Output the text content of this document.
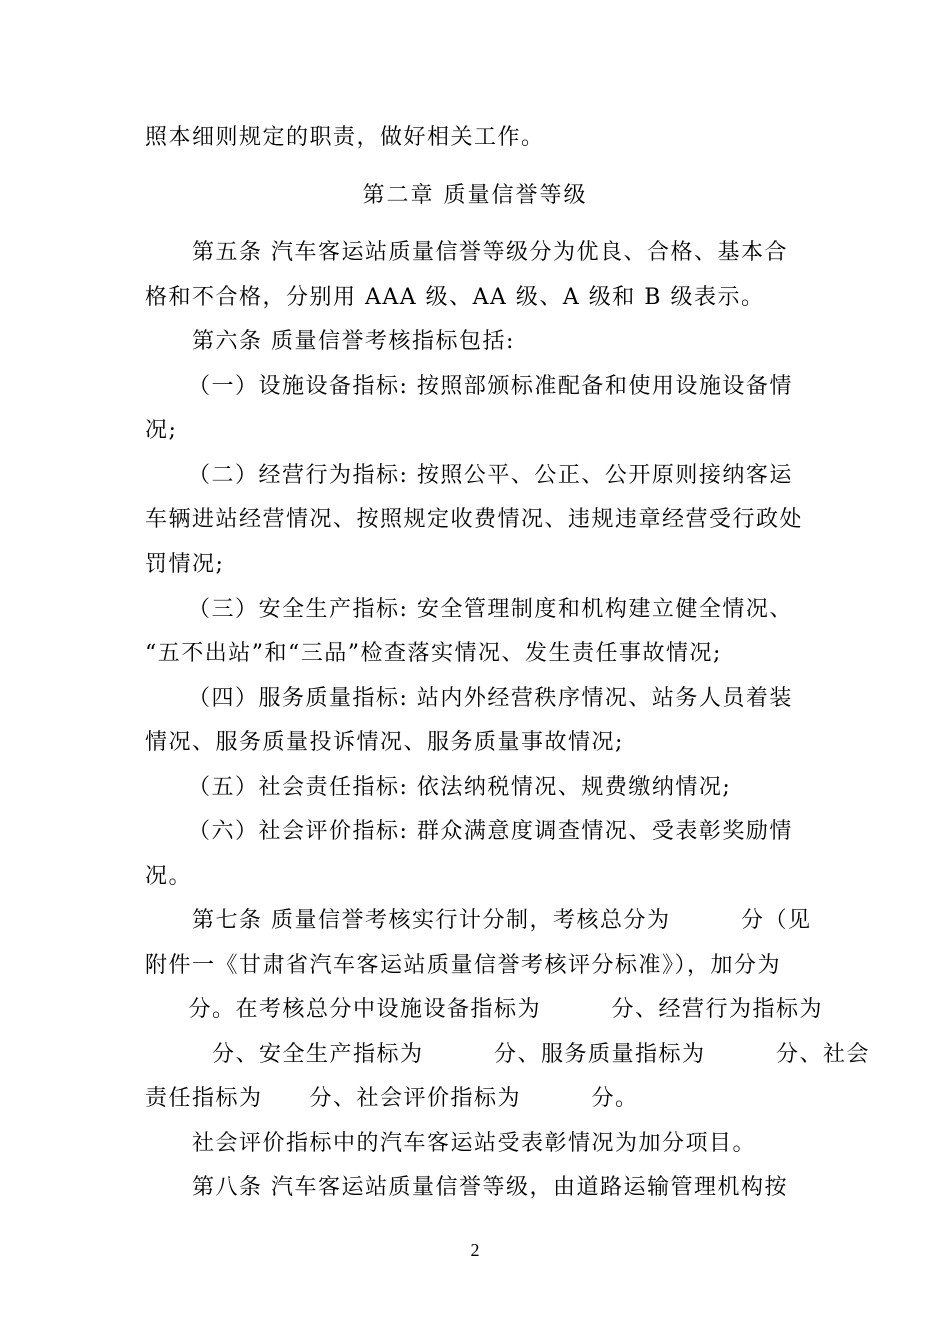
照本细则规定的职责，做好相关工作。
第二章 质量信誉等级
第五条 汽车客运站质量信誉等级分为优良、合格、基本合
格和不合格，分别用 AAA 级、AA 级、A 级和 B 级表示。
第六条 质量信誉考核指标包括:
（一）设施设备指标: 按照部颁标准配备和使用设施设备情
况;
（二）经营行为指标: 按照公平、公正、公开原则接纳客运
车辆进站经营情况、按照规定收费情况、违规违章经营受行政处
罚情况;
（三）安全生产指标: 安全管理制度和机构建立健全情况、
“五不出站”和“三品”检查落实情况、发生责任事故情况;
（四）服务质量指标: 站内外经营秩序情况、站务人员着装
情况、服务质量投诉情况、服务质量事故情况;
（五）社会责任指标: 依法纳税情况、规费缴纳情况;
（六）社会评价指标: 群众满意度调查情况、受表彰奖励情
况。
第七条 质量信誉考核实行计分制，考核总分为　　　分（见
附件一《甘肃省汽车客运站质量信誉考核评分标准》），加分为
　分。在考核总分中设施设备指标为　　　分、经营行为指标为
　　分、安全生产指标为　　　分、服务质量指标为　　　分、社会
责任指标为　　分、社会评价指标为　　　分。
社会评价指标中的汽车客运站受表彰情况为加分项目。
第八条 汽车客运站质量信誉等级，由道路运输管理机构按
2
